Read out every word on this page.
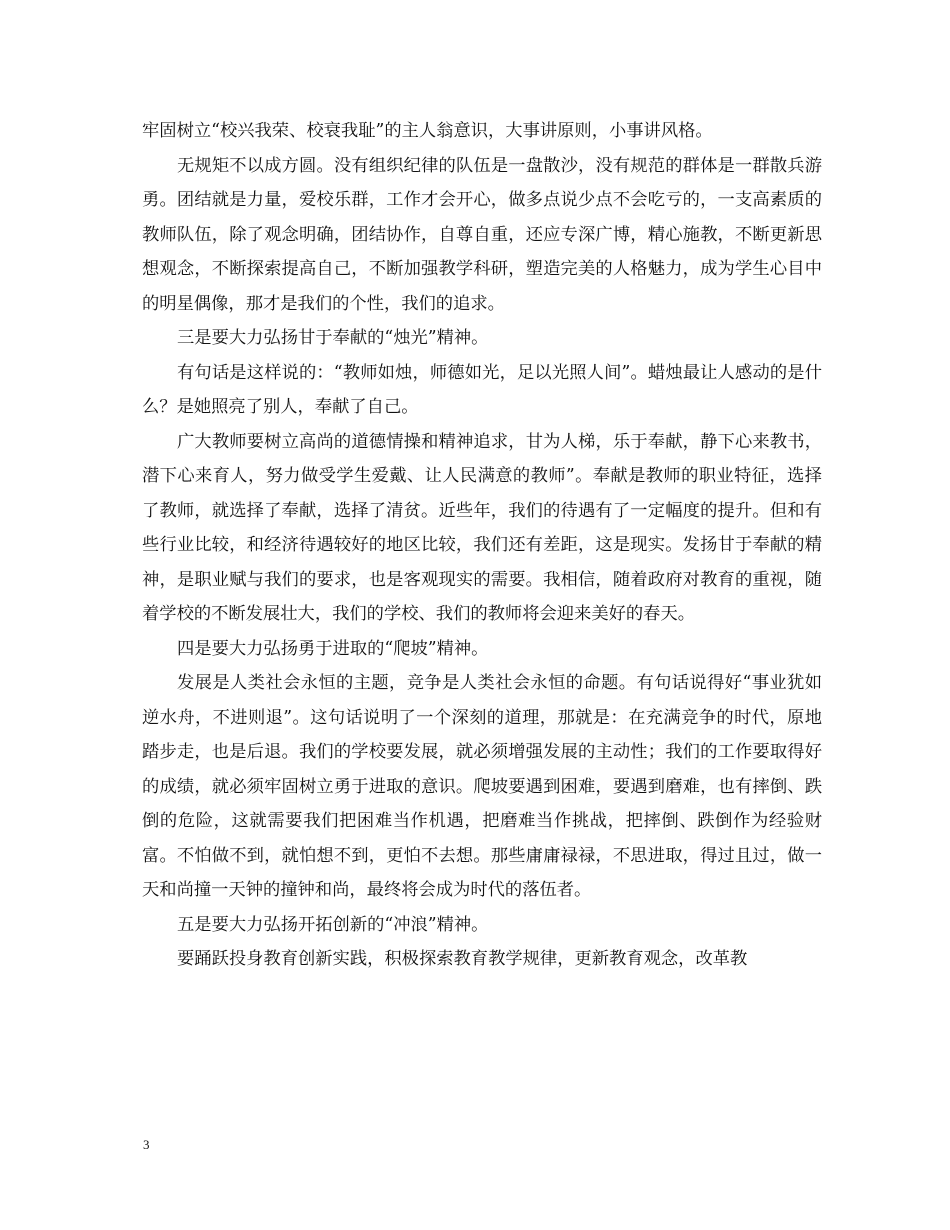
牢固树立“校兴我荣、校衰我耻”的主人翁意识，大事讲原则，小事讲风格。

无规矩不以成方圆。没有组织纪律的队伍是一盘散沙，没有规范的群体是一群散兵游勇。团结就是力量，爱校乐群，工作才会开心，做多点说少点不会吃亏的，一支高素质的教师队伍，除了观念明确，团结协作，自尊自重，还应专深广博，精心施教，不断更新思想观念，不断探索提高自己，不断加强教学科研，塑造完美的人格魅力，成为学生心目中的明星偶像，那才是我们的个性，我们的追求。

三是要大力弘扬甘于奉献的“烛光”精神。

有句话是这样说的：“教师如烛，师德如光，足以光照人间”。蜡烛最让人感动的是什么？是她照亮了别人，奉献了自己。

广大教师要树立高尚的道德情操和精神追求，甘为人梯，乐于奉献，静下心来教书，潜下心来育人，努力做受学生爱戴、让人民满意的教师”。奉献是教师的职业特征，选择了教师，就选择了奉献，选择了清贫。近些年，我们的待遇有了一定幅度的提升。但和有些行业比较，和经济待遇较好的地区比较，我们还有差距，这是现实。发扬甘于奉献的精神，是职业赋与我们的要求，也是客观现实的需要。我相信，随着政府对教育的重视，随着学校的不断发展壮大，我们的学校、我们的教师将会迎来美好的春天。

四是要大力弘扬勇于进取的“爬坡”精神。

发展是人类社会永恒的主题，竞争是人类社会永恒的命题。有句话说得好“事业犹如逆水舟，不进则退”。这句话说明了一个深刻的道理，那就是：在充满竞争的时代，原地踏步走，也是后退。我们的学校要发展，就必须增强发展的主动性；我们的工作要取得好的成绩，就必须牢固树立勇于进取的意识。爬坡要遇到困难，要遇到磨难，也有摔倒、跌倒的危险，这就需要我们把困难当作机遇，把磨难当作挑战，把摔倒、跌倒作为经验财富。不怕做不到，就怕想不到，更怕不去想。那些庸庸禄禄，不思进取，得过且过，做一天和尚撞一天钟的撞钟和尚，最终将会成为时代的落伍者。

五是要大力弘扬开拓创新的“冲浪”精神。

要踊跃投身教育创新实践，积极探索教育教学规律，更新教育观念，改革教

3
